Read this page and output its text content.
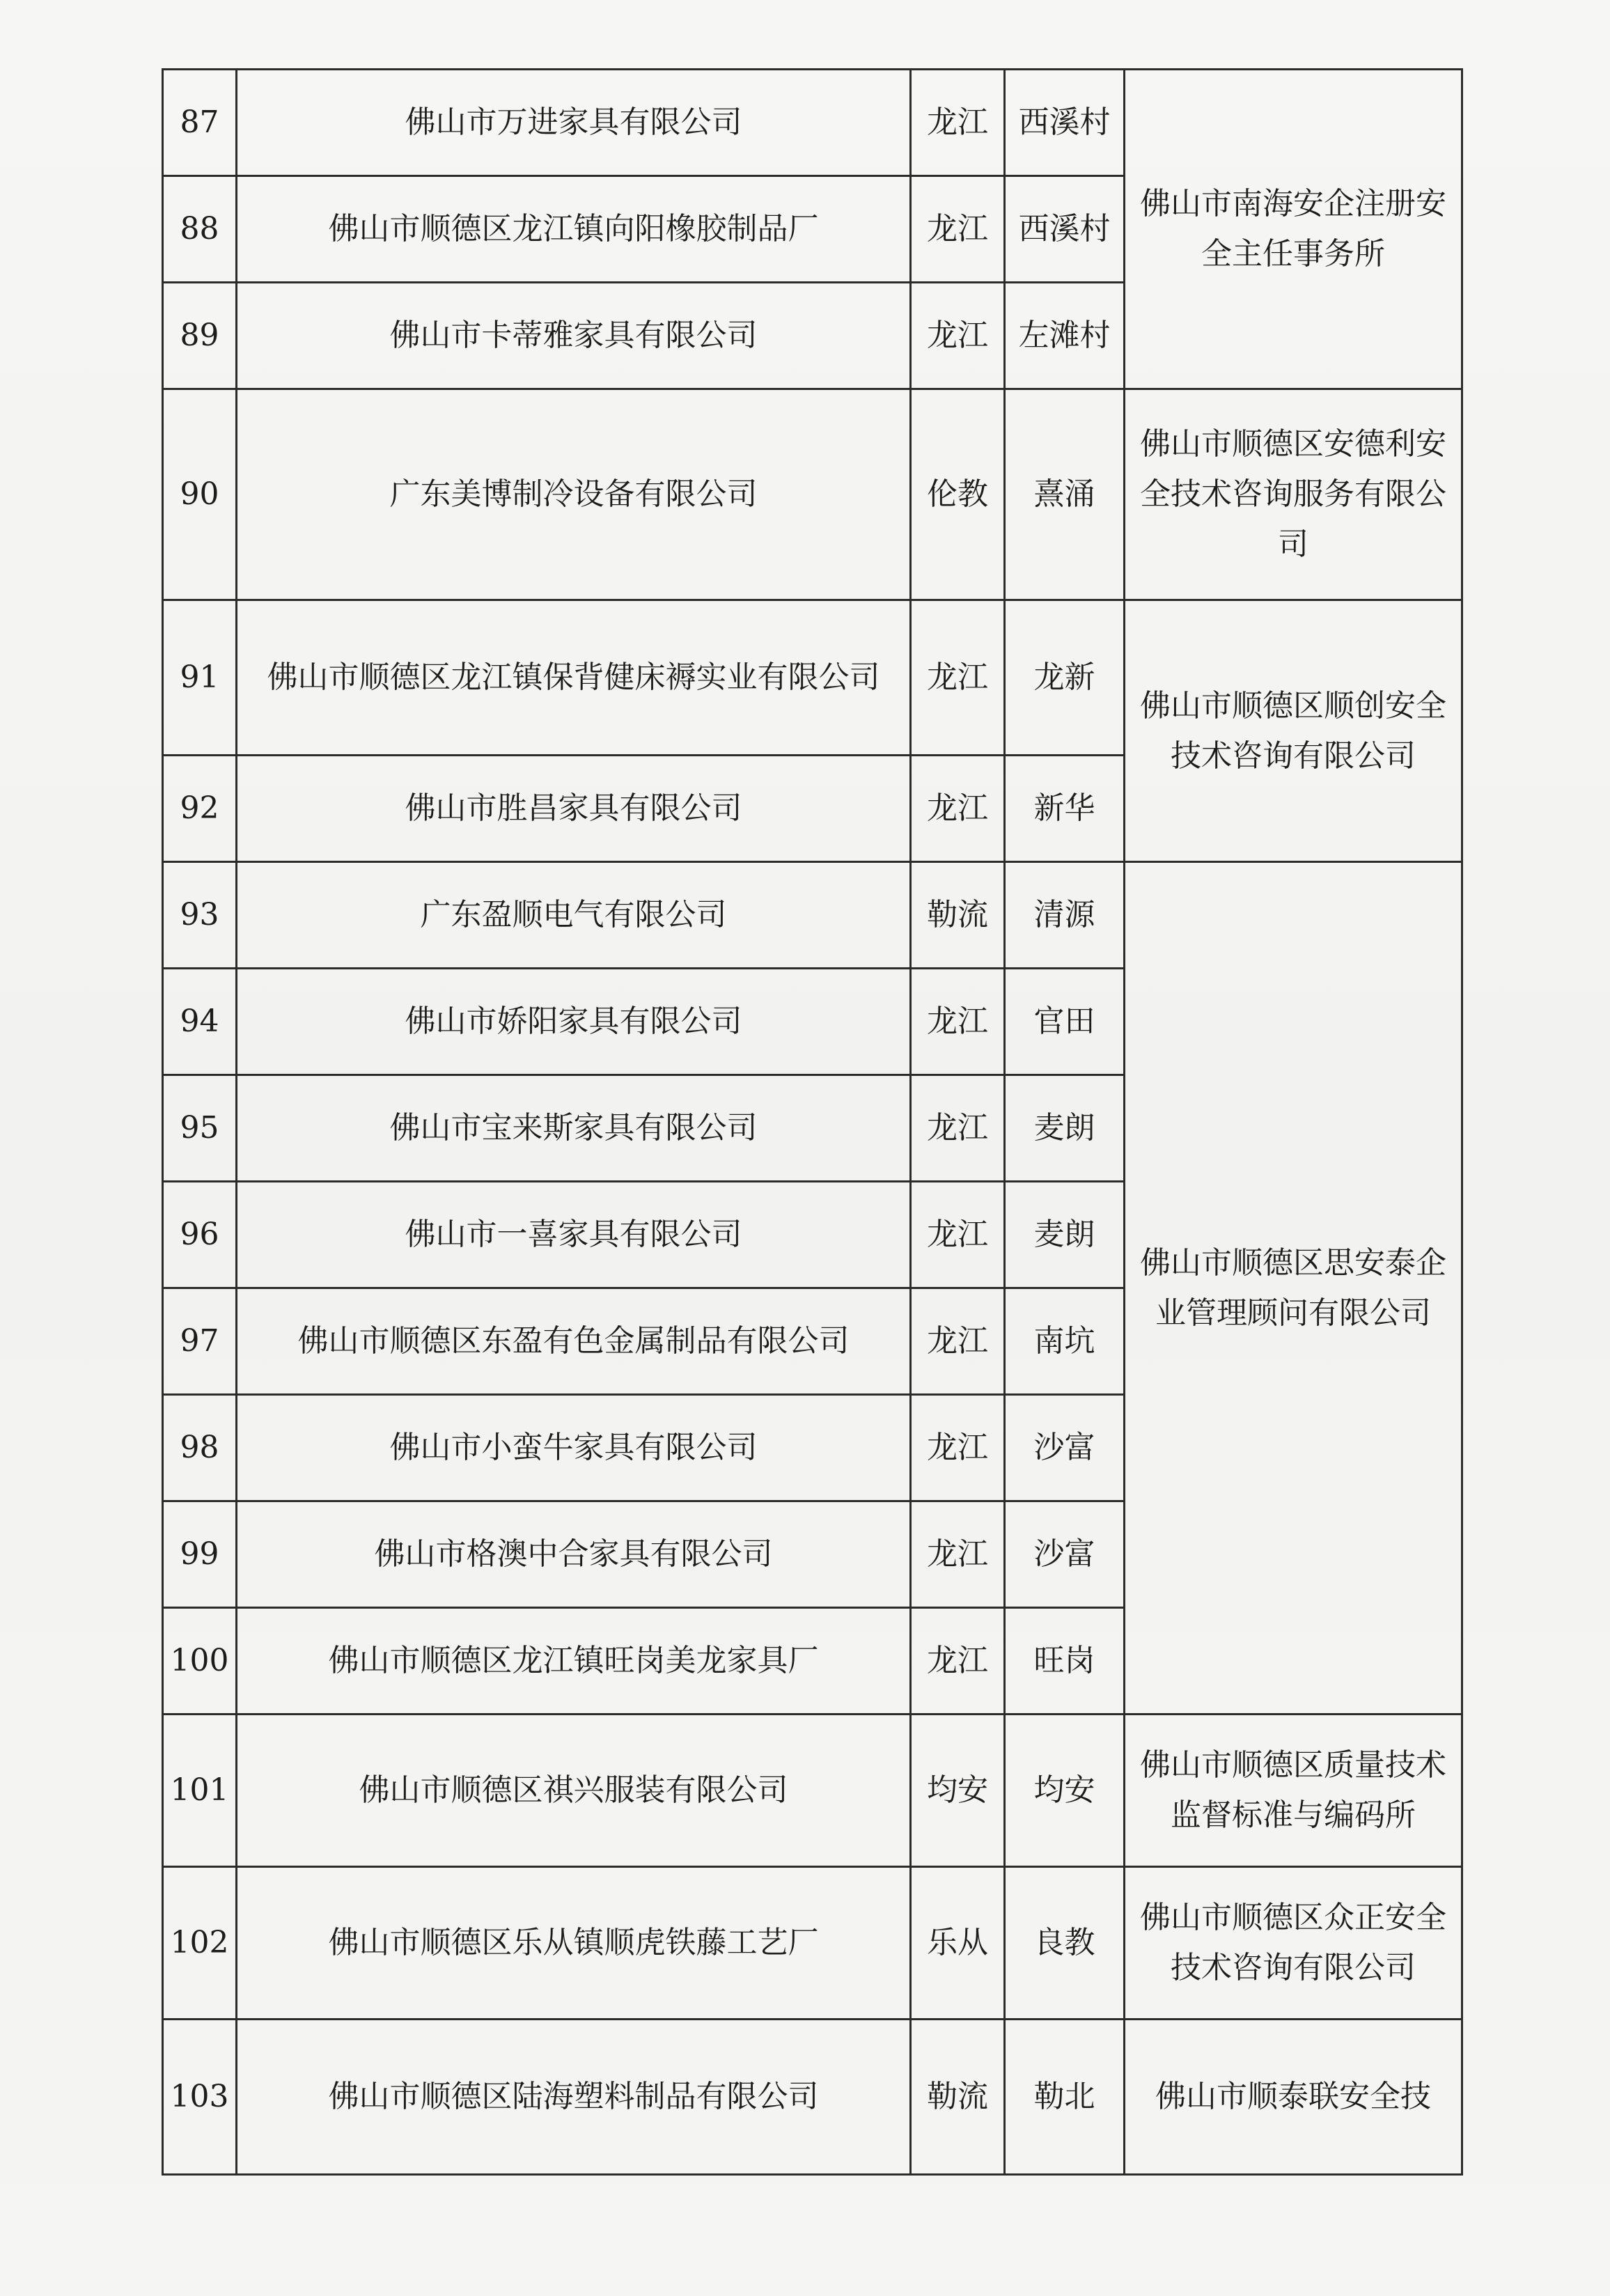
87	佛山市万进家具有限公司	龙江	西溪村	佛山市南海安企注册安全主任事务所
88	佛山市顺德区龙江镇向阳橡胶制品厂	龙江	西溪村	
89	佛山市卡蒂雅家具有限公司	龙江	左滩村	
90	广东美博制冷设备有限公司	伦教	熹涌	佛山市顺德区安德利安全技术咨询服务有限公司
91	佛山市顺德区龙江镇保背健床褥实业有限公司	龙江	龙新	佛山市顺德区顺创安全技术咨询有限公司
92	佛山市胜昌家具有限公司	龙江	新华	
93	广东盈顺电气有限公司	勒流	清源	佛山市顺德区思安泰企业管理顾问有限公司
94	佛山市娇阳家具有限公司	龙江	官田	
95	佛山市宝来斯家具有限公司	龙江	麦朗	
96	佛山市一喜家具有限公司	龙江	麦朗	
97	佛山市顺德区东盈有色金属制品有限公司	龙江	南坑	
98	佛山市小蛮牛家具有限公司	龙江	沙富	
99	佛山市格澳中合家具有限公司	龙江	沙富	
100	佛山市顺德区龙江镇旺岗美龙家具厂	龙江	旺岗	
101	佛山市顺德区祺兴服装有限公司	均安	均安	佛山市顺德区质量技术监督标准与编码所
102	佛山市顺德区乐从镇顺虎铁藤工艺厂	乐从	良教	佛山市顺德区众正安全技术咨询有限公司
103	佛山市顺德区陆海塑料制品有限公司	勒流	勒北	佛山市顺泰联安全技
